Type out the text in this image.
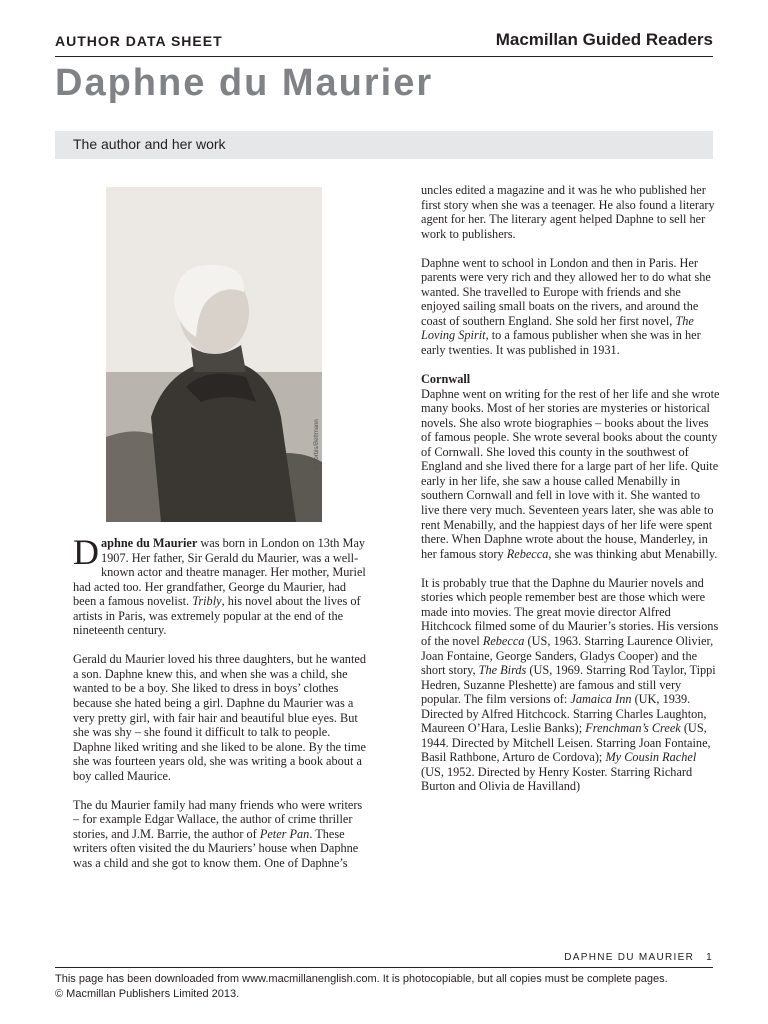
AUTHOR DATA SHEET	Macmillan Guided Readers
Daphne du Maurier
The author and her work
© Corbis/Bettmann

Daphne du Maurier was born in London on 13th May 1907. Her father, Sir Gerald du Maurier, was a well-known actor and theatre manager. Her mother, Muriel had acted too. Her grandfather, George du Maurier, had been a famous novelist. Tribly, his novel about the lives of artists in Paris, was extremely popular at the end of the nineteenth century.

Gerald du Maurier loved his three daughters, but he wanted a son. Daphne knew this, and when she was a child, she wanted to be a boy. She liked to dress in boys’ clothes because she hated being a girl. Daphne du Maurier was a very pretty girl, with fair hair and beautiful blue eyes. But she was shy – she found it difficult to talk to people. Daphne liked writing and she liked to be alone. By the time she was fourteen years old, she was writing a book about a boy called Maurice.

The du Maurier family had many friends who were writers – for example Edgar Wallace, the author of crime thriller stories, and J.M. Barrie, the author of Peter Pan. These writers often visited the du Mauriers’ house when Daphne was a child and she got to know them. One of Daphne’s

uncles edited a magazine and it was he who published her first story when she was a teenager. He also found a literary agent for her. The literary agent helped Daphne to sell her work to publishers.

Daphne went to school in London and then in Paris. Her parents were very rich and they allowed her to do what she wanted. She travelled to Europe with friends and she enjoyed sailing small boats on the rivers, and around the coast of southern England. She sold her first novel, The Loving Spirit, to a famous publisher when she was in her early twenties. It was published in 1931.

Cornwall

Daphne went on writing for the rest of her life and she wrote many books. Most of her stories are mysteries or historical novels. She also wrote biographies – books about the lives of famous people. She wrote several books about the county of Cornwall. She loved this county in the southwest of England and she lived there for a large part of her life. Quite early in her life, she saw a house called Menabilly in southern Cornwall and fell in love with it. She wanted to live there very much. Seventeen years later, she was able to rent Menabilly, and the happiest days of her life were spent there. When Daphne wrote about the house, Manderley, in her famous story Rebecca, she was thinking abut Menabilly.

It is probably true that the Daphne du Maurier novels and stories which people remember best are those which were made into movies. The great movie director Alfred Hitchcock filmed some of du Maurier’s stories. His versions of the novel Rebecca (US, 1963. Starring Laurence Olivier, Joan Fontaine, George Sanders, Gladys Cooper) and the short story, The Birds (US, 1969. Starring Rod Taylor, Tippi Hedren, Suzanne Pleshette) are famous and still very popular. The film versions of: Jamaica Inn (UK, 1939. Directed by Alfred Hitchcock. Starring Charles Laughton, Maureen O’Hara, Leslie Banks); Frenchman’s Creek (US, 1944. Directed by Mitchell Leisen. Starring Joan Fontaine, Basil Rathbone, Arturo de Cordova); My Cousin Rachel (US, 1952. Directed by Henry Koster. Starring Richard Burton and Olivia de Havilland)

DAPHNE DU MAURIER 1
This page has been downloaded from www.macmillanenglish.com. It is photocopiable, but all copies must be complete pages.
© Macmillan Publishers Limited 2013.
